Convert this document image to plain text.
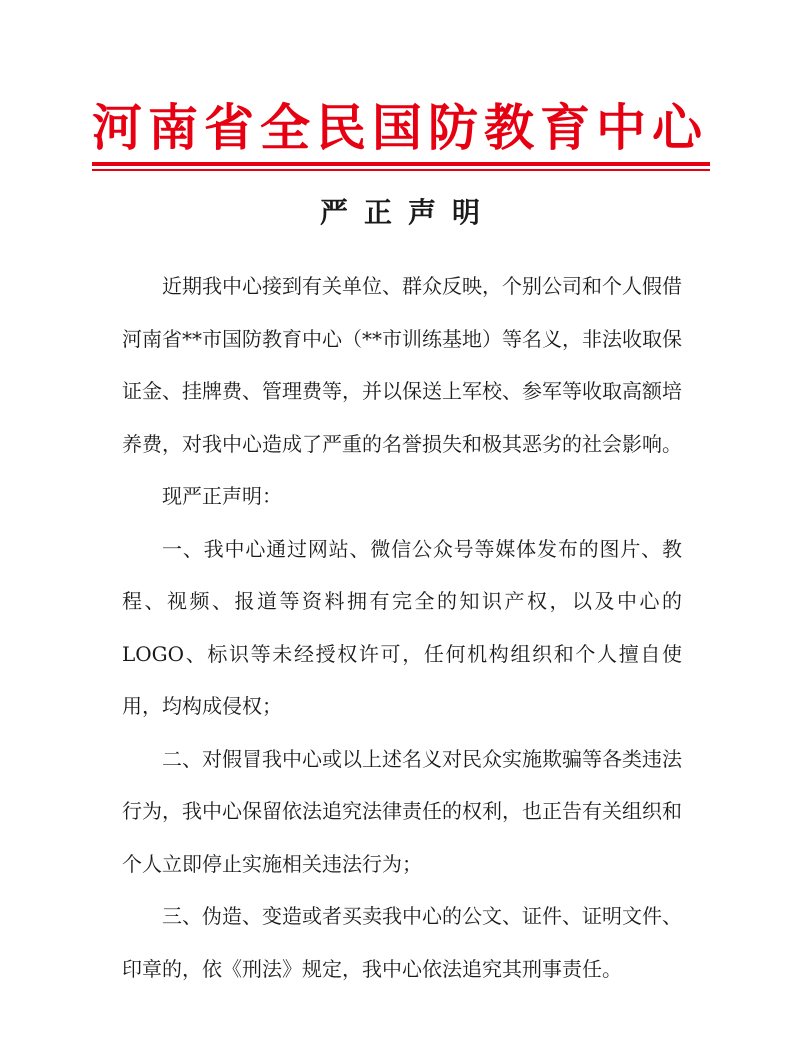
河南省全民国防教育中心
严正声明

近期我中心接到有关单位、群众反映，个别公司和个人假借河南省**市国防教育中心（**市训练基地）等名义，非法收取保证金、挂牌费、管理费等，并以保送上军校、参军等收取高额培养费，对我中心造成了严重的名誉损失和极其恶劣的社会影响。

现严正声明：

一、我中心通过网站、微信公众号等媒体发布的图片、教程、视频、报道等资料拥有完全的知识产权，以及中心的LOGO、标识等未经授权许可，任何机构组织和个人擅自使用，均构成侵权；

二、对假冒我中心或以上述名义对民众实施欺骗等各类违法行为，我中心保留依法追究法律责任的权利，也正告有关组织和个人立即停止实施相关违法行为；

三、伪造、变造或者买卖我中心的公文、证件、证明文件、印章的，依《刑法》规定，我中心依法追究其刑事责任。
